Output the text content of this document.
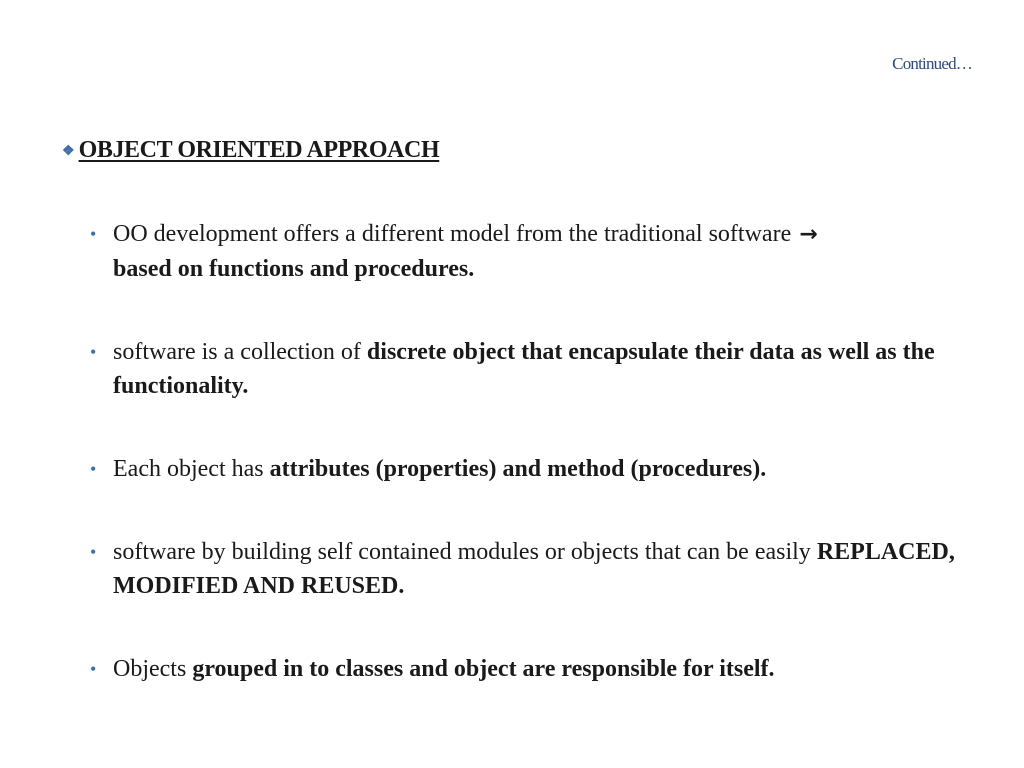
Continued…
❖ OBJECT ORIENTED APPROACH
• OO development offers a different model from the traditional software →
based on functions and procedures.
• software is a collection of discrete object that encapsulate their data as well as the functionality.
• Each object has attributes (properties) and method (procedures).
• software by building self contained modules or objects that can be easily REPLACED, MODIFIED AND REUSED.
• Objects grouped in to classes and object are responsible for itself.
